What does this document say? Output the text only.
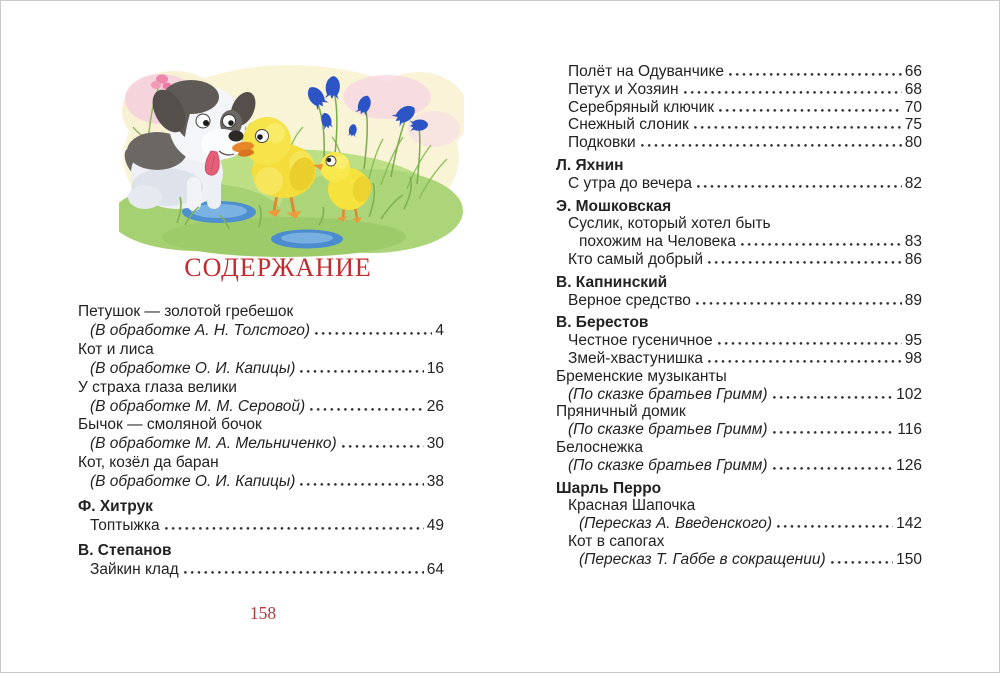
СОДЕРЖАНИЕ
Петушок — золотой гребешок
(В обработке А. Н. Толстого)	4
Кот и лиса
(В обработке О. И. Капицы)	16
У страха глаза велики
(В обработке М. М. Серовой)	26
Бычок — смоляной бочок
(В обработке М. А. Мельниченко)	30
Кот, козёл да баран
(В обработке О. И. Капицы)	38
Ф. Хитрук
Топтыжка	49
В. Степанов
Зайкин клад	64
Полёт на Одуванчике	66
Петух и Хозяин	68
Серебряный ключик	70
Снежный слоник	75
Подковки	80
Л. Яхнин
С утра до вечера	82
Э. Мошковская
Суслик, который хотел быть
похожим на Человека	83
Кто самый добрый	86
В. Капнинский
Верное средство	89
В. Берестов
Честное гусеничное	95
Змей-хвастунишка	98
Бременские музыканты
(По сказке братьев Гримм)	102
Пряничный домик
(По сказке братьев Гримм)	116
Белоснежка
(По сказке братьев Гримм)	126
Шарль Перро
Красная Шапочка
(Пересказ А. Введенского)	142
Кот в сапогах
(Пересказ Т. Габбе в сокращении)	150
158
